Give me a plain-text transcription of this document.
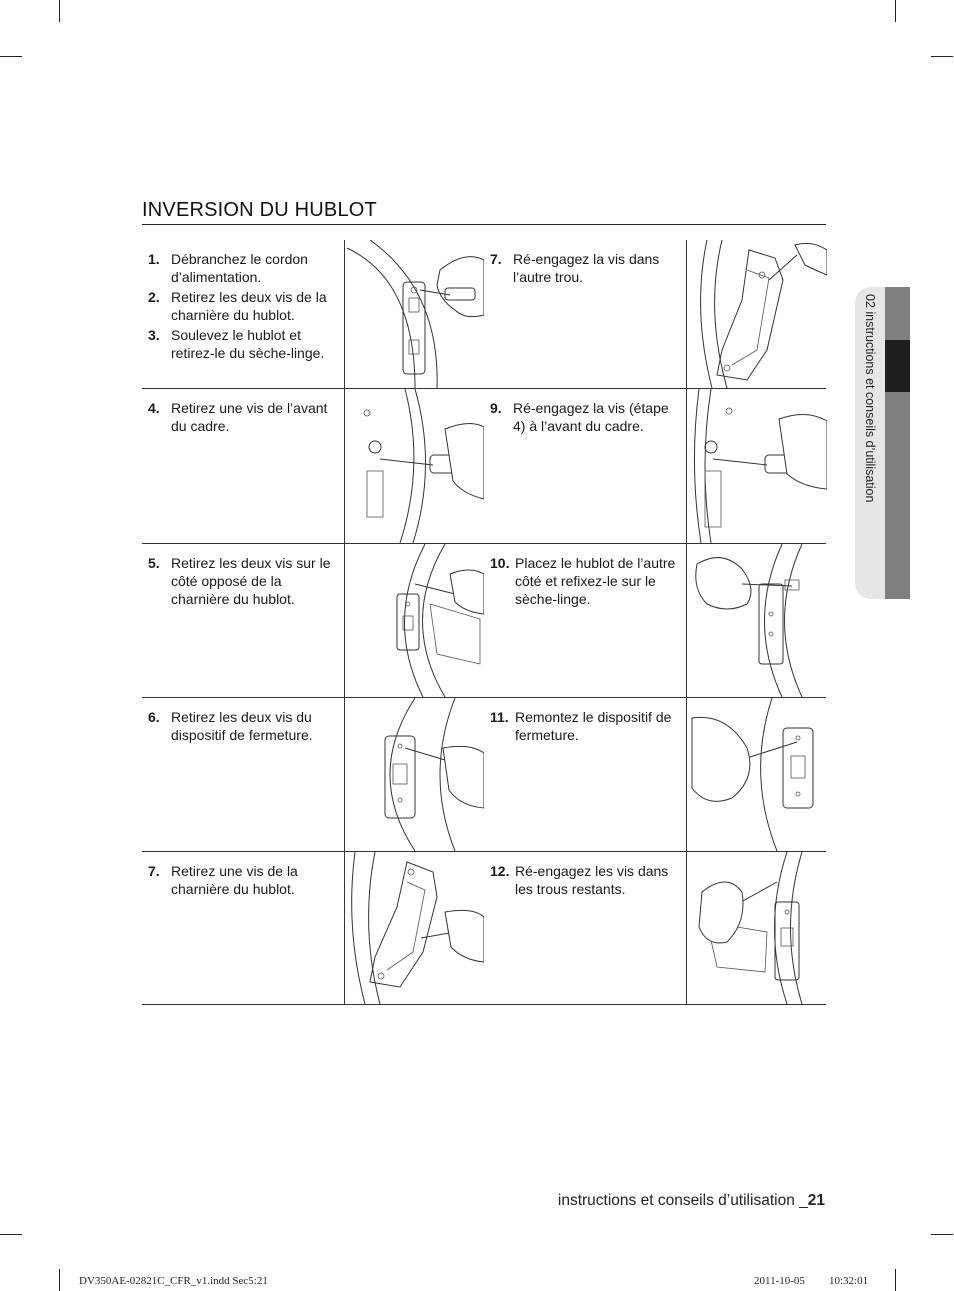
02 instructions et conseils d’utilisation
INVERSION DU HUBLOT
1. Débranchez le cordon d’alimentation.
2. Retirez les deux vis de la charnière du hublot.
3. Soulevez le hublot et retirez-le du sèche-linge.
7. Ré-engagez la vis dans l’autre trou.
4. Retirez une vis de l’avant du cadre.
9. Ré-engagez la vis (étape 4) à l’avant du cadre.
5. Retirez les deux vis sur le côté opposé de la charnière du hublot.
10. Placez le hublot de l’autre côté et refixez-le sur le sèche-linge.
6. Retirez les deux vis du dispositif de fermeture.
11. Remontez le dispositif de fermeture.
7. Retirez une vis de la charnière du hublot.
12. Ré-engagez les vis dans les trous restants.
instructions et conseils d’utilisation _21
DV350AE-02821C_CFR_v1.indd Sec5:21	2011-10-05 10:32:01
